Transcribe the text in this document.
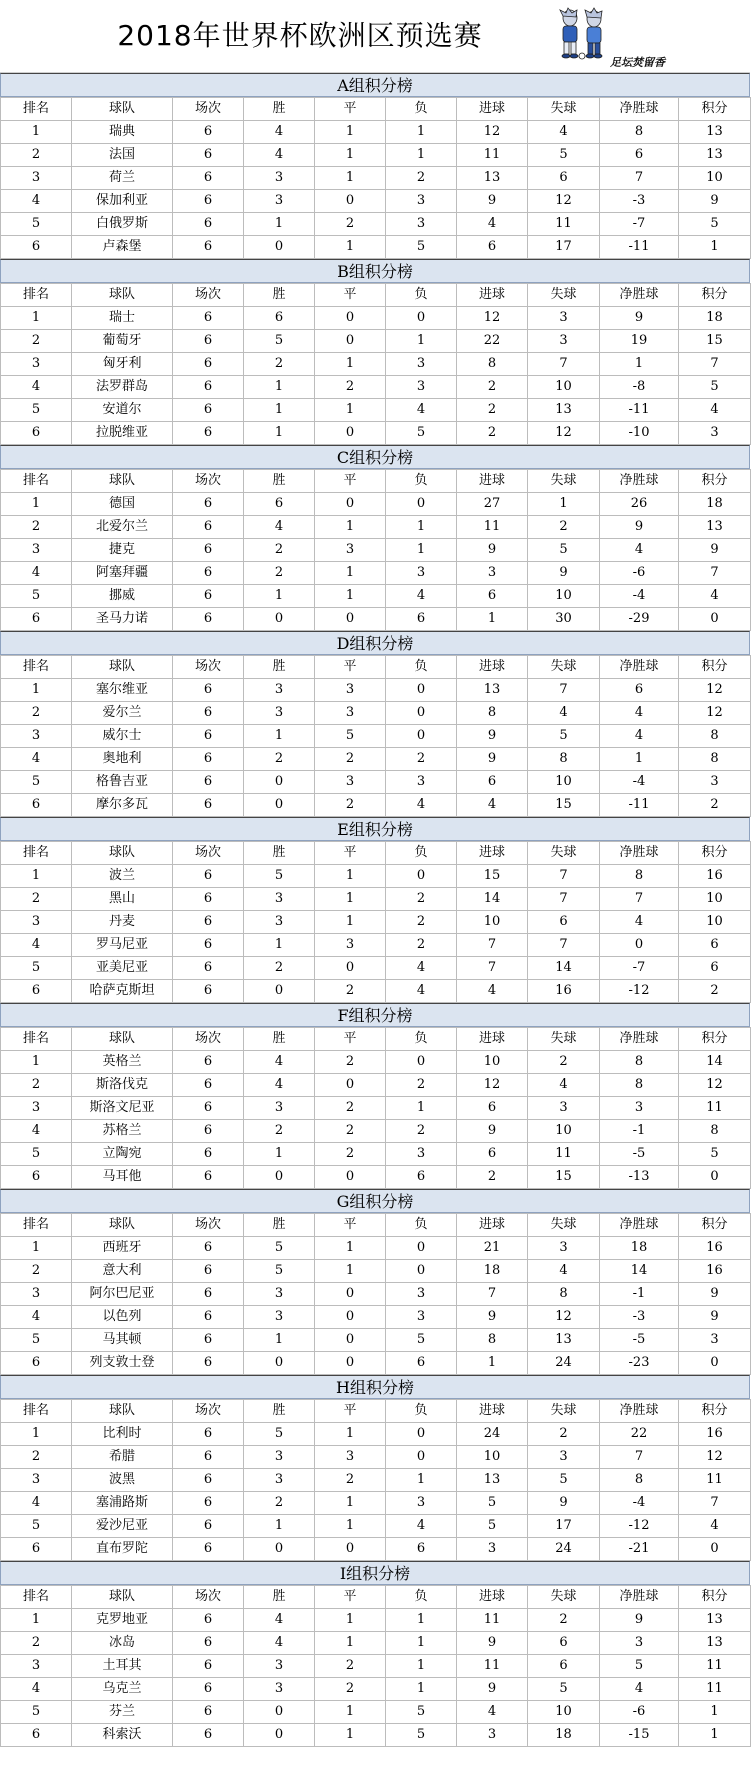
2018年世界杯欧洲区预选赛
足坛焚留香
A组积分榜
排名	球队	场次	胜	平	负	进球	失球	净胜球	积分
1	瑞典	6	4	1	1	12	4	8	13
2	法国	6	4	1	1	11	5	6	13
3	荷兰	6	3	1	2	13	6	7	10
4	保加利亚	6	3	0	3	9	12	-3	9
5	白俄罗斯	6	1	2	3	4	11	-7	5
6	卢森堡	6	0	1	5	6	17	-11	1
B组积分榜
排名	球队	场次	胜	平	负	进球	失球	净胜球	积分
1	瑞士	6	6	0	0	12	3	9	18
2	葡萄牙	6	5	0	1	22	3	19	15
3	匈牙利	6	2	1	3	8	7	1	7
4	法罗群岛	6	1	2	3	2	10	-8	5
5	安道尔	6	1	1	4	2	13	-11	4
6	拉脱维亚	6	1	0	5	2	12	-10	3
C组积分榜
排名	球队	场次	胜	平	负	进球	失球	净胜球	积分
1	德国	6	6	0	0	27	1	26	18
2	北爱尔兰	6	4	1	1	11	2	9	13
3	捷克	6	2	3	1	9	5	4	9
4	阿塞拜疆	6	2	1	3	3	9	-6	7
5	挪威	6	1	1	4	6	10	-4	4
6	圣马力诺	6	0	0	6	1	30	-29	0
D组积分榜
排名	球队	场次	胜	平	负	进球	失球	净胜球	积分
1	塞尔维亚	6	3	3	0	13	7	6	12
2	爱尔兰	6	3	3	0	8	4	4	12
3	威尔士	6	1	5	0	9	5	4	8
4	奥地利	6	2	2	2	9	8	1	8
5	格鲁吉亚	6	0	3	3	6	10	-4	3
6	摩尔多瓦	6	0	2	4	4	15	-11	2
E组积分榜
排名	球队	场次	胜	平	负	进球	失球	净胜球	积分
1	波兰	6	5	1	0	15	7	8	16
2	黑山	6	3	1	2	14	7	7	10
3	丹麦	6	3	1	2	10	6	4	10
4	罗马尼亚	6	1	3	2	7	7	0	6
5	亚美尼亚	6	2	0	4	7	14	-7	6
6	哈萨克斯坦	6	0	2	4	4	16	-12	2
F组积分榜
排名	球队	场次	胜	平	负	进球	失球	净胜球	积分
1	英格兰	6	4	2	0	10	2	8	14
2	斯洛伐克	6	4	0	2	12	4	8	12
3	斯洛文尼亚	6	3	2	1	6	3	3	11
4	苏格兰	6	2	2	2	9	10	-1	8
5	立陶宛	6	1	2	3	6	11	-5	5
6	马耳他	6	0	0	6	2	15	-13	0
G组积分榜
排名	球队	场次	胜	平	负	进球	失球	净胜球	积分
1	西班牙	6	5	1	0	21	3	18	16
2	意大利	6	5	1	0	18	4	14	16
3	阿尔巴尼亚	6	3	0	3	7	8	-1	9
4	以色列	6	3	0	3	9	12	-3	9
5	马其顿	6	1	0	5	8	13	-5	3
6	列支敦士登	6	0	0	6	1	24	-23	0
H组积分榜
排名	球队	场次	胜	平	负	进球	失球	净胜球	积分
1	比利时	6	5	1	0	24	2	22	16
2	希腊	6	3	3	0	10	3	7	12
3	波黑	6	3	2	1	13	5	8	11
4	塞浦路斯	6	2	1	3	5	9	-4	7
5	爱沙尼亚	6	1	1	4	5	17	-12	4
6	直布罗陀	6	0	0	6	3	24	-21	0
I组积分榜
排名	球队	场次	胜	平	负	进球	失球	净胜球	积分
1	克罗地亚	6	4	1	1	11	2	9	13
2	冰岛	6	4	1	1	9	6	3	13
3	土耳其	6	3	2	1	11	6	5	11
4	乌克兰	6	3	2	1	9	5	4	11
5	芬兰	6	0	1	5	4	10	-6	1
6	科索沃	6	0	1	5	3	18	-15	1
